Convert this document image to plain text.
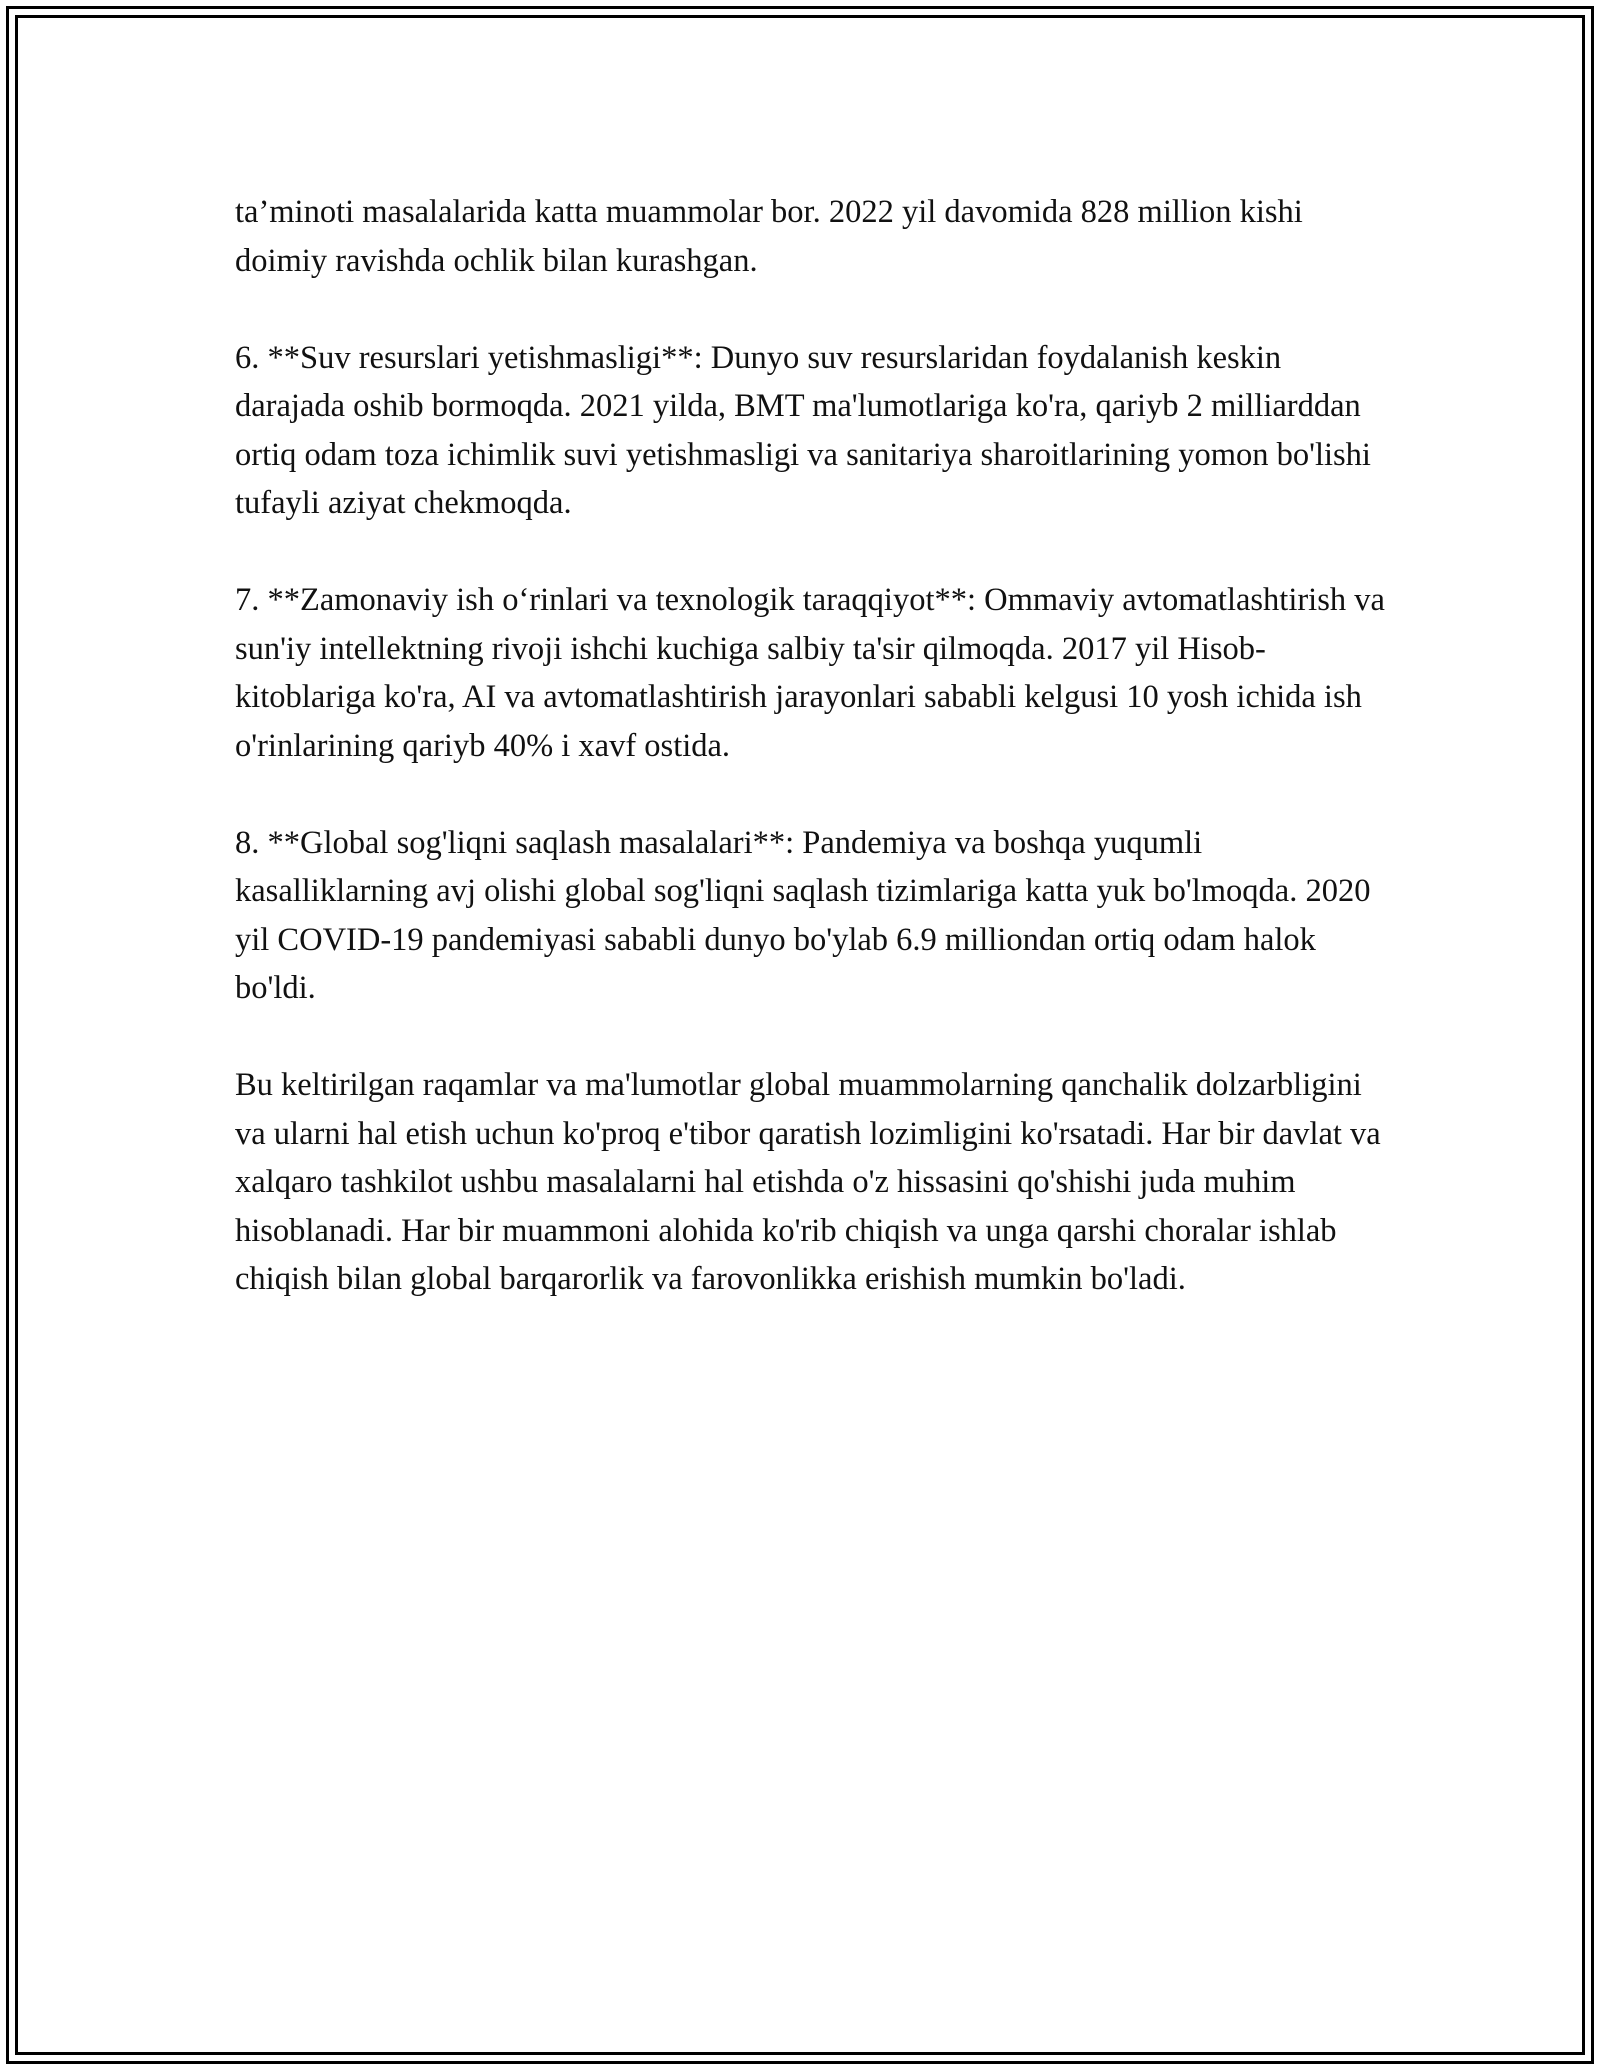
ta’minoti masalalarida katta muammolar bor. 2022 yil davomida 828 million kishi doimiy ravishda ochlik bilan kurashgan.

6. **Suv resurslari yetishmasligi**: Dunyo suv resurslaridan foydalanish keskin darajada oshib bormoqda. 2021 yilda, BMT ma'lumotlariga ko'ra, qariyb 2 milliarddan ortiq odam toza ichimlik suvi yetishmasligi va sanitariya sharoitlarining yomon bo'lishi tufayli aziyat chekmoqda.

7. **Zamonaviy ish o‘rinlari va texnologik taraqqiyot**: Ommaviy avtomatlashtirish va sun'iy intellektning rivoji ishchi kuchiga salbiy ta'sir qilmoqda. 2017 yil Hisob-kitoblariga ko'ra, AI va avtomatlashtirish jarayonlari sababli kelgusi 10 yosh ichida ish o'rinlarining qariyb 40% i xavf ostida.

8. **Global sog'liqni saqlash masalalari**: Pandemiya va boshqa yuqumli kasalliklarning avj olishi global sog'liqni saqlash tizimlariga katta yuk bo'lmoqda. 2020 yil COVID-19 pandemiyasi sababli dunyo bo'ylab 6.9 milliondan ortiq odam halok bo'ldi.

Bu keltirilgan raqamlar va ma'lumotlar global muammolarning qanchalik dolzarbligini va ularni hal etish uchun ko'proq e'tibor qaratish lozimligini ko'rsatadi. Har bir davlat va xalqaro tashkilot ushbu masalalarni hal etishda o'z hissasini qo'shishi juda muhim hisoblanadi. Har bir muammoni alohida ko'rib chiqish va unga qarshi choralar ishlab chiqish bilan global barqarorlik va farovonlikka erishish mumkin bo'ladi.
